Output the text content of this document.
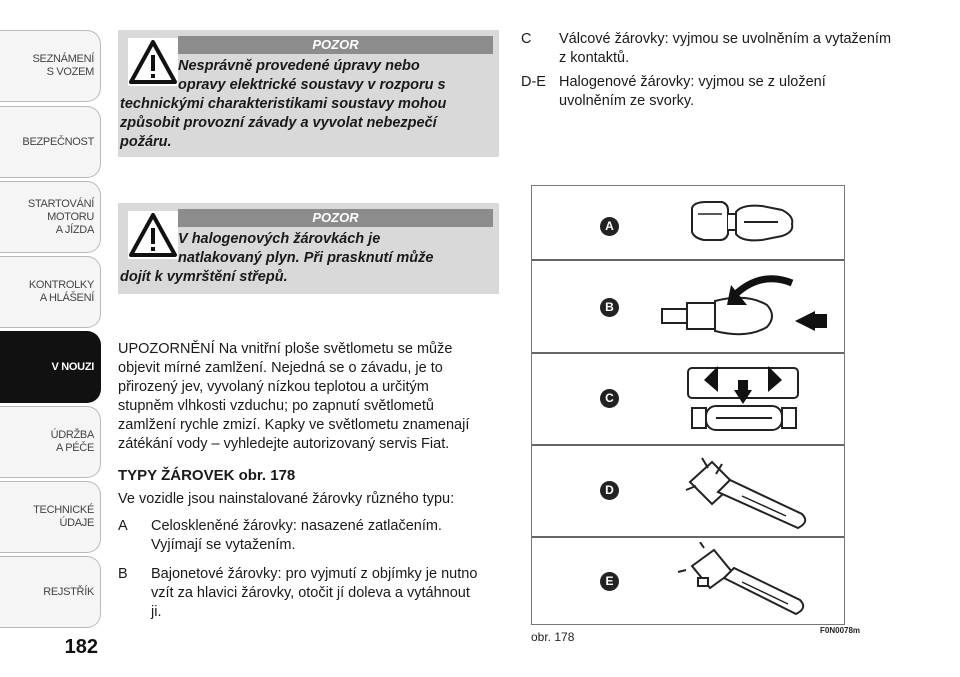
SEZNÁMENÍ
S VOZEM
BEZPEČNOST
STARTOVÁNÍ
MOTORU
A JÍZDA
KONTROLKY
A HLÁŠENÍ
V NOUZI
ÚDRŽBA
A PÉČE
TECHNICKÉ
ÚDAJE
REJSTŘÍK
182
POZOR
Nesprávně provedené úpravy nebo
opravy elektrické soustavy v rozporu s
technickými charakteristikami soustavy mohou
způsobit provozní závady a vyvolat nebezpečí
požáru.
POZOR
V halogenových žárovkách je
natlakovaný plyn. Při prasknutí může
dojít k vymrštění střepů.
UPOZORNĚNÍ Na vnitřní ploše světlometu se může
objevit mírné zamlžení. Nejedná se o závadu, je to
přirozený jev, vyvolaný nízkou teplotou a určitým
stupněm vlhkosti vzduchu; po zapnutí světlometů
zamlžení rychle zmizí. Kapky ve světlometu znamenají
zátékání vody – vyhledejte autorizovaný servis Fiat.
TYPY ŽÁROVEK obr. 178
Ve vozidle jsou nainstalované žárovky různého typu:
A Celoskleněné žárovky: nasazené zatlačením.
Vyjímají se vytažením.
B Bajonetové žárovky: pro vyjmutí z objímky je nutno
vzít za hlavici žárovky, otočit jí doleva a vytáhnout
ji.
C Válcové žárovky: vyjmou se uvolněním a vytažením
z kontaktů.
D-E Halogenové žárovky: vyjmou se z uložení
uvolněním ze svorky.
A
B
C
D
E
obr. 178	F0N0078m
